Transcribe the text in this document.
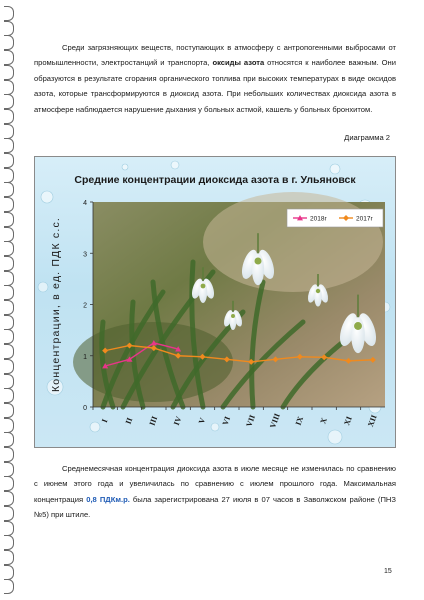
Среди загрязняющих веществ, поступающих в атмосферу с антропогенными выбросами от промышленности, электростанций и транспорта, оксиды азота относятся к наиболее важным. Они образуются в результате сгорания органического топлива при высоких температурах в виде оксидов азота, которые трансформируются в диоксид азота. При небольших количествах диоксида азота в атмосфере наблюдается нарушение дыхания у больных астмой, кашель у больных бронхитом.

Диаграмма 2
Средние концентрации диоксида азота в г. Ульяновск
0
1
2
3
4
Концентрации, в ед. ПДК с.с.
I II III IV V VI VII VIII IX X XI XII
2018г	2017г

Среднемесячная концентрация диоксида азота в июле месяце не изменилась по сравнению с июнем этого года и увеличилась по сравнению с июлем прошлого года. Максимальная концентрация 0,8 ПДКм.р. была зарегистрирована 27 июля в 07 часов в Заволжском районе (ПНЗ №5) при штиле.

15
